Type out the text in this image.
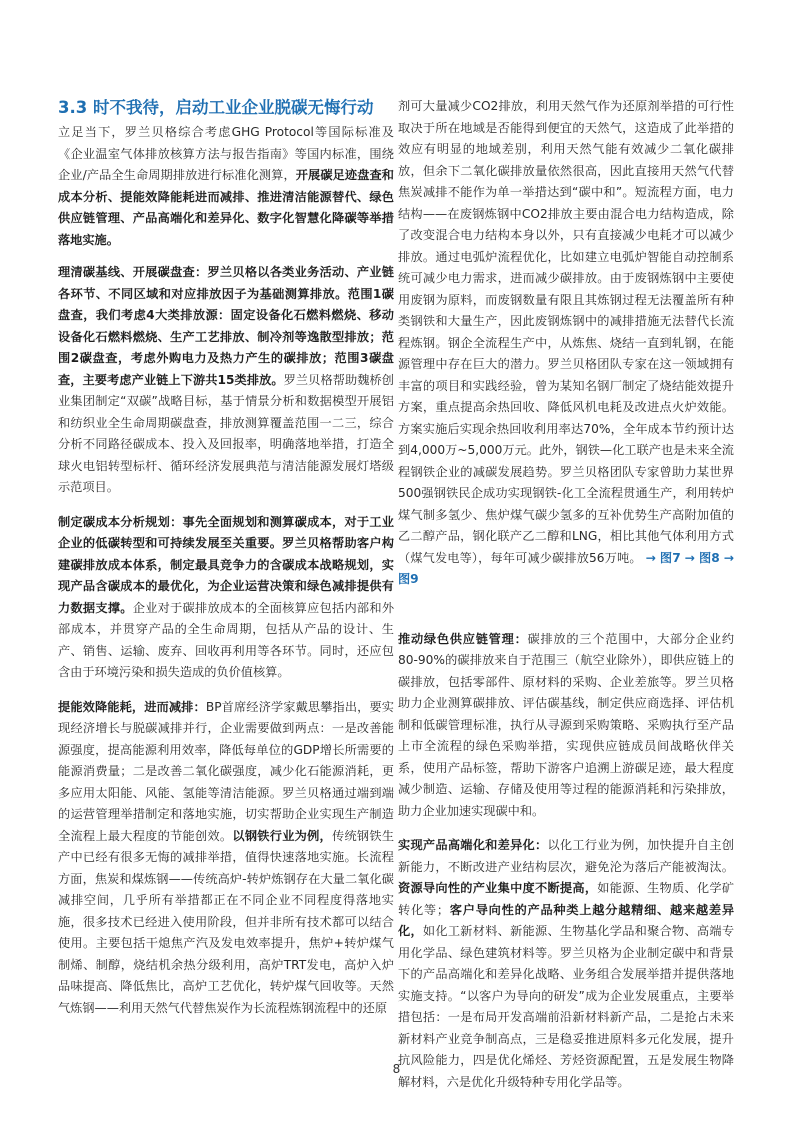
3.3 时不我待，启动工业企业脱碳无悔行动

立足当下，罗兰贝格综合考虑GHG Protocol等国际标准及《企业温室气体排放核算方法与报告指南》等国内标准，围绕企业/产品全生命周期排放进行标准化测算，开展碳足迹盘查和成本分析、提能效降能耗进而减排、推进清洁能源替代、绿色供应链管理、产品高端化和差异化、数字化智慧化降碳等举措落地实施。

理清碳基线、开展碳盘查：罗兰贝格以各类业务活动、产业链各环节、不同区域和对应排放因子为基础测算排放。范围1碳盘查，我们考虑4大类排放源：固定设备化石燃料燃烧、移动设备化石燃料燃烧、生产工艺排放、制冷剂等逸散型排放；范围2碳盘查，考虑外购电力及热力产生的碳排放；范围3碳盘查，主要考虑产业链上下游共15类排放。罗兰贝格帮助魏桥创业集团制定“双碳”战略目标，基于情景分析和数据模型开展铝和纺织业全生命周期碳盘查，排放测算覆盖范围一二三，综合分析不同路径碳成本、投入及回报率，明确落地举措，打造全球火电铝转型标杆、循环经济发展典范与清洁能源发展灯塔级示范项目。

制定碳成本分析规划：事先全面规划和测算碳成本，对于工业企业的低碳转型和可持续发展至关重要。罗兰贝格帮助客户构建碳排放成本体系，制定最具竞争力的含碳成本战略规划，实现产品含碳成本的最优化，为企业运营决策和绿色减排提供有力数据支撑。企业对于碳排放成本的全面核算应包括内部和外部成本，并贯穿产品的全生命周期，包括从产品的设计、生产、销售、运输、废弃、回收再利用等各环节。同时，还应包含由于环境污染和损失造成的负价值核算。

提能效降能耗，进而减排：BP首席经济学家戴思攀指出，要实现经济增长与脱碳减排并行，企业需要做到两点：一是改善能源强度，提高能源利用效率，降低每单位的GDP增长所需要的能源消费量；二是改善二氧化碳强度，减少化石能源消耗，更多应用太阳能、风能、氢能等清洁能源。罗兰贝格通过端到端的运营管理举措制定和落地实施，切实帮助企业实现生产制造全流程上最大程度的节能创效。以钢铁行业为例，传统钢铁生产中已经有很多无悔的减排举措，值得快速落地实施。长流程方面，焦炭和煤炼钢——传统高炉-转炉炼钢存在大量二氧化碳减排空间，几乎所有举措都正在不同企业不同程度得落地实施，很多技术已经进入使用阶段，但并非所有技术都可以结合使用。主要包括干熄焦产汽及发电效率提升，焦炉+转炉煤气制烯、制醇，烧结机余热分级利用，高炉TRT发电，高炉入炉品味提高、降低焦比，高炉工艺优化，转炉煤气回收等。天然气炼钢——利用天然气代替焦炭作为长流程炼钢流程中的还原

剂可大量减少CO2排放，利用天然气作为还原剂举措的可行性取决于所在地域是否能得到便宜的天然气，这造成了此举措的效应有明显的地域差别，利用天然气能有效减少二氧化碳排放，但余下二氧化碳排放量依然很高，因此直接用天然气代替焦炭减排不能作为单一举措达到“碳中和”。短流程方面，电力结构——在废钢炼钢中CO2排放主要由混合电力结构造成，除了改变混合电力结构本身以外，只有直接减少电耗才可以减少排放。通过电弧炉流程优化，比如建立电弧炉智能自动控制系统可减少电力需求，进而减少碳排放。由于废钢炼钢中主要使用废钢为原料，而废钢数量有限且其炼钢过程无法覆盖所有种类钢铁和大量生产，因此废钢炼钢中的减排措施无法替代长流程炼钢。钢企全流程生产中，从炼焦、烧结一直到轧钢，在能源管理中存在巨大的潜力。罗兰贝格团队专家在这一领域拥有丰富的项目和实践经验，曾为某知名钢厂制定了烧结能效提升方案，重点提高余热回收、降低风机电耗及改进点火炉效能。方案实施后实现余热回收利用率达70%，全年成本节约预计达到4,000万~5,000万元。此外，钢铁—化工联产也是未来全流程钢铁企业的减碳发展趋势。罗兰贝格团队专家曾助力某世界500强钢铁民企成功实现钢铁-化工全流程贯通生产，利用转炉煤气制多氢少、焦炉煤气碳少氢多的互补优势生产高附加值的乙二醇产品，钢化联产乙二醇和LNG，相比其他气体利用方式（煤气发电等），每年可减少碳排放56万吨。 → 图7 → 图8 → 图9

推动绿色供应链管理：碳排放的三个范围中，大部分企业约80-90%的碳排放来自于范围三（航空业除外），即供应链上的碳排放，包括零部件、原材料的采购、企业差旅等。罗兰贝格助力企业测算碳排放、评估碳基线，制定供应商选择、评估机制和低碳管理标准，执行从寻源到采购策略、采购执行至产品上市全流程的绿色采购举措，实现供应链成员间战略伙伴关系，使用产品标签，帮助下游客户追溯上游碳足迹，最大程度减少制造、运输、存储及使用等过程的能源消耗和污染排放，助力企业加速实现碳中和。

实现产品高端化和差异化：以化工行业为例，加快提升自主创新能力，不断改进产业结构层次，避免沦为落后产能被淘汰。资源导向性的产业集中度不断提高，如能源、生物质、化学矿转化等；客户导向性的产品种类上越分越精细、越来越差异化，如化工新材料、新能源、生物基化学品和聚合物、高端专用化学品、绿色建筑材料等。罗兰贝格为企业制定碳中和背景下的产品高端化和差异化战略、业务组合发展举措并提供落地实施支持。“以客户为导向的研发”成为企业发展重点，主要举措包括：一是布局开发高端前沿新材料新产品，二是抢占未来新材料产业竞争制高点，三是稳妥推进原料多元化发展，提升抗风险能力，四是优化烯烃、芳烃资源配置，五是发展生物降解材料，六是优化升级特种专用化学品等。

8
